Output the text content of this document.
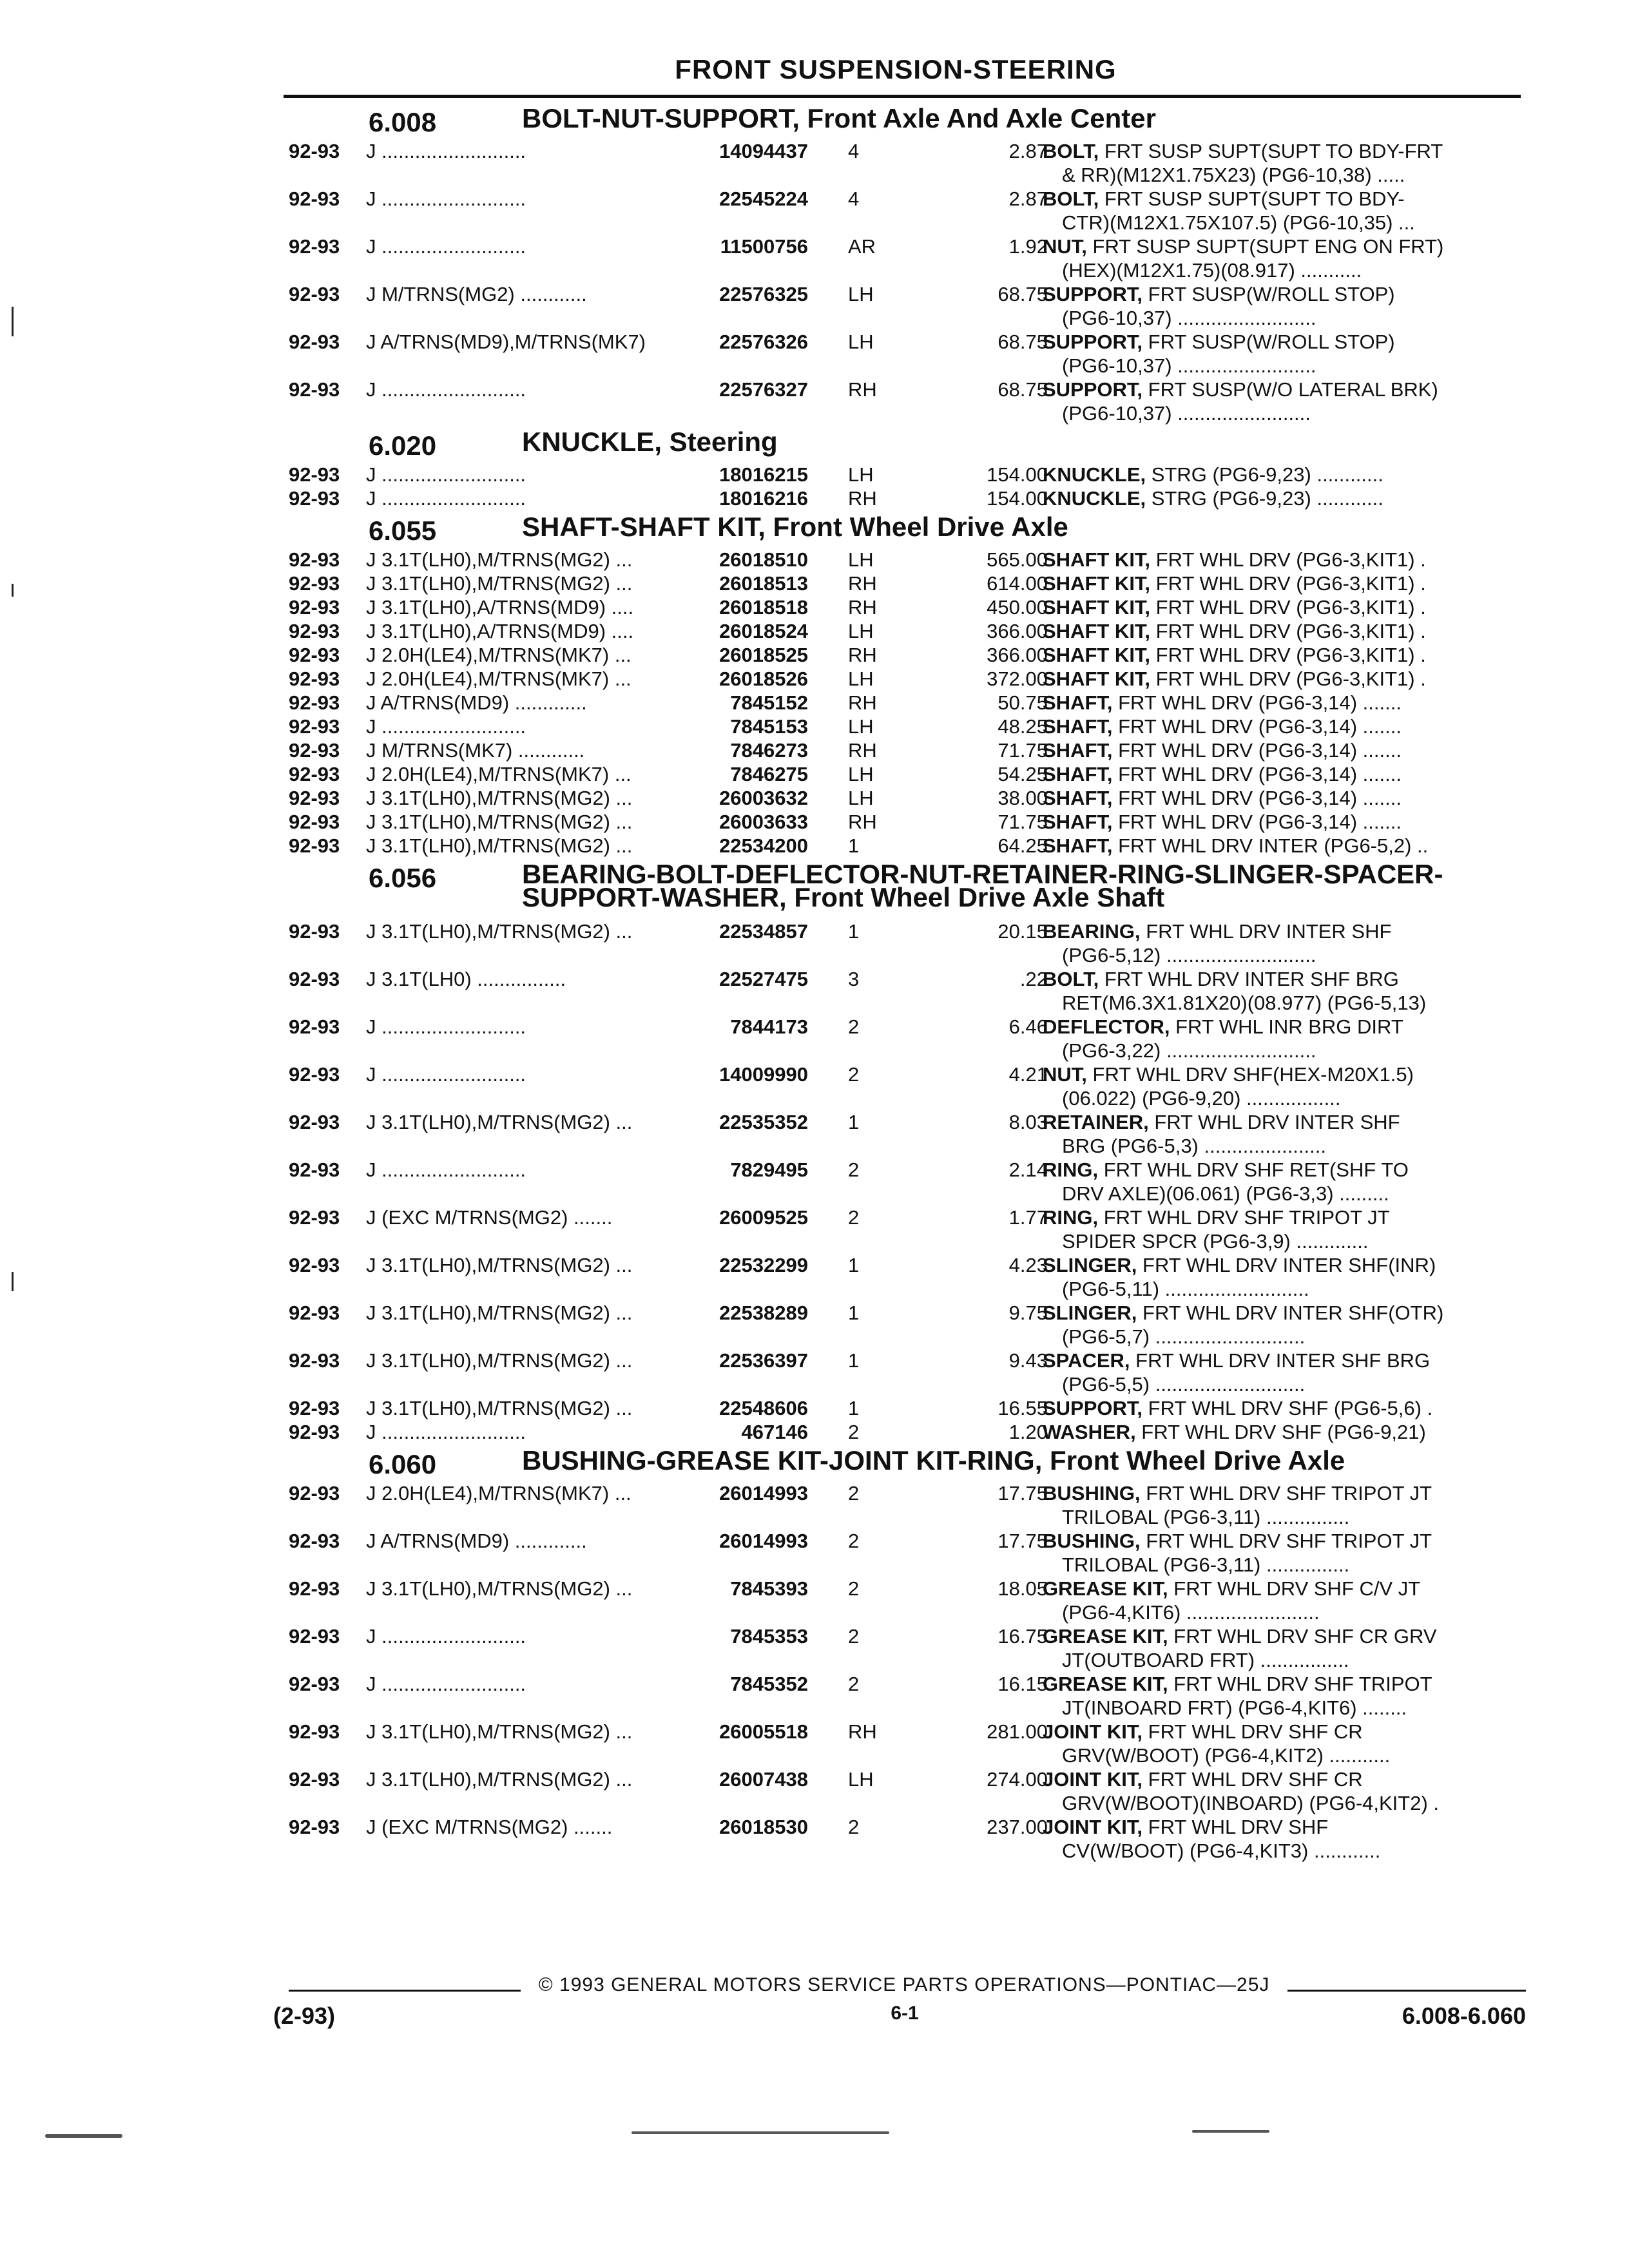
FRONT SUSPENSION-STEERING
6.008	BOLT-NUT-SUPPORT, Front Axle And Axle Center
92-93 J ..........................	14094437 4	2.87
BOLT, FRT SUSP SUPT(SUPT TO BDY-FRT
& RR)(M12X1.75X23) (PG6-10,38) .....
92-93 J ..........................	22545224 4	2.87
BOLT, FRT SUSP SUPT(SUPT TO BDY-
CTR)(M12X1.75X107.5) (PG6-10,35) ...
92-93 J ..........................	11500756 AR	1.92
NUT, FRT SUSP SUPT(SUPT ENG ON FRT)
(HEX)(M12X1.75)(08.917) ...........
92-93 J M/TRNS(MG2) ............	22576325 LH	68.75
SUPPORT, FRT SUSP(W/ROLL STOP)
(PG6-10,37) .........................
92-93 J A/TRNS(MD9),M/TRNS(MK7)	22576326 LH	68.75
SUPPORT, FRT SUSP(W/ROLL STOP)
(PG6-10,37) .........................
92-93 J ..........................	22576327 RH	68.75
SUPPORT, FRT SUSP(W/O LATERAL BRK)
(PG6-10,37) ........................
6.020	KNUCKLE, Steering
92-93 J ..........................	18016215 LH	154.00
KNUCKLE, STRG (PG6-9,23) ............
92-93 J ..........................	18016216 RH	154.00
KNUCKLE, STRG (PG6-9,23) ............
6.055	SHAFT-SHAFT KIT, Front Wheel Drive Axle
92-93 J 3.1T(LH0),M/TRNS(MG2) ...	26018510 LH	565.00
SHAFT KIT, FRT WHL DRV (PG6-3,KIT1) .
92-93 J 3.1T(LH0),M/TRNS(MG2) ...	26018513 RH	614.00
SHAFT KIT, FRT WHL DRV (PG6-3,KIT1) .
92-93 J 3.1T(LH0),A/TRNS(MD9) ....	26018518 RH	450.00
SHAFT KIT, FRT WHL DRV (PG6-3,KIT1) .
92-93 J 3.1T(LH0),A/TRNS(MD9) ....	26018524 LH	366.00
SHAFT KIT, FRT WHL DRV (PG6-3,KIT1) .
92-93 J 2.0H(LE4),M/TRNS(MK7) ...	26018525 RH	366.00
SHAFT KIT, FRT WHL DRV (PG6-3,KIT1) .
92-93 J 2.0H(LE4),M/TRNS(MK7) ...	26018526 LH	372.00
SHAFT KIT, FRT WHL DRV (PG6-3,KIT1) .
92-93 J A/TRNS(MD9) .............	7845152 RH	50.75
SHAFT, FRT WHL DRV (PG6-3,14) .......
92-93 J ..........................	7845153 LH	48.25
SHAFT, FRT WHL DRV (PG6-3,14) .......
92-93 J M/TRNS(MK7) ............	7846273 RH	71.75
SHAFT, FRT WHL DRV (PG6-3,14) .......
92-93 J 2.0H(LE4),M/TRNS(MK7) ...	7846275 LH	54.25
SHAFT, FRT WHL DRV (PG6-3,14) .......
92-93 J 3.1T(LH0),M/TRNS(MG2) ...	26003632 LH	38.00
SHAFT, FRT WHL DRV (PG6-3,14) .......
92-93 J 3.1T(LH0),M/TRNS(MG2) ...	26003633 RH	71.75
SHAFT, FRT WHL DRV (PG6-3,14) .......
92-93 J 3.1T(LH0),M/TRNS(MG2) ...	22534200 1	64.25
SHAFT, FRT WHL DRV INTER (PG6-5,2) ..
6.056	BEARING-BOLT-DEFLECTOR-NUT-RETAINER-RING-SLINGER-SPACER-SUPPORT-WASHER, Front Wheel Drive Axle Shaft
92-93 J 3.1T(LH0),M/TRNS(MG2) ...	22534857 1	20.15
BEARING, FRT WHL DRV INTER SHF
(PG6-5,12) ...........................
92-93 J 3.1T(LH0) ................	22527475 3	.22
BOLT, FRT WHL DRV INTER SHF BRG
RET(M6.3X1.81X20)(08.977) (PG6-5,13)
92-93 J ..........................	7844173 2	6.46
DEFLECTOR, FRT WHL INR BRG DIRT
(PG6-3,22) ...........................
92-93 J ..........................	14009990 2	4.21
NUT, FRT WHL DRV SHF(HEX-M20X1.5)
(06.022) (PG6-9,20) .................
92-93 J 3.1T(LH0),M/TRNS(MG2) ...	22535352 1	8.03
RETAINER, FRT WHL DRV INTER SHF
BRG (PG6-5,3) ......................
92-93 J ..........................	7829495 2	2.14
RING, FRT WHL DRV SHF RET(SHF TO
DRV AXLE)(06.061) (PG6-3,3) .........
92-93 J (EXC M/TRNS(MG2) .......	26009525 2	1.77
RING, FRT WHL DRV SHF TRIPOT JT
SPIDER SPCR (PG6-3,9) .............
92-93 J 3.1T(LH0),M/TRNS(MG2) ...	22532299 1	4.23
SLINGER, FRT WHL DRV INTER SHF(INR)
(PG6-5,11) ..........................
92-93 J 3.1T(LH0),M/TRNS(MG2) ...	22538289 1	9.75
SLINGER, FRT WHL DRV INTER SHF(OTR)
(PG6-5,7) ...........................
92-93 J 3.1T(LH0),M/TRNS(MG2) ...	22536397 1	9.43
SPACER, FRT WHL DRV INTER SHF BRG
(PG6-5,5) ...........................
92-93 J 3.1T(LH0),M/TRNS(MG2) ...	22548606 1	16.55
SUPPORT, FRT WHL DRV SHF (PG6-5,6) .
92-93 J ..........................	467146 2	1.20
WASHER, FRT WHL DRV SHF (PG6-9,21)
6.060	BUSHING-GREASE KIT-JOINT KIT-RING, Front Wheel Drive Axle
92-93 J 2.0H(LE4),M/TRNS(MK7) ...	26014993 2	17.75
BUSHING, FRT WHL DRV SHF TRIPOT JT
TRILOBAL (PG6-3,11) ...............
92-93 J A/TRNS(MD9) .............	26014993 2	17.75
BUSHING, FRT WHL DRV SHF TRIPOT JT
TRILOBAL (PG6-3,11) ...............
92-93 J 3.1T(LH0),M/TRNS(MG2) ...	7845393 2	18.05
GREASE KIT, FRT WHL DRV SHF C/V JT
(PG6-4,KIT6) ........................
92-93 J ..........................	7845353 2	16.75
GREASE KIT, FRT WHL DRV SHF CR GRV
JT(OUTBOARD FRT) ................
92-93 J ..........................	7845352 2	16.15
GREASE KIT, FRT WHL DRV SHF TRIPOT
JT(INBOARD FRT) (PG6-4,KIT6) ........
92-93 J 3.1T(LH0),M/TRNS(MG2) ...	26005518 RH	281.00
JOINT KIT, FRT WHL DRV SHF CR
GRV(W/BOOT) (PG6-4,KIT2) ...........
92-93 J 3.1T(LH0),M/TRNS(MG2) ...	26007438 LH	274.00
JOINT KIT, FRT WHL DRV SHF CR
GRV(W/BOOT)(INBOARD) (PG6-4,KIT2) .
92-93 J (EXC M/TRNS(MG2) .......	26018530 2	237.00
JOINT KIT, FRT WHL DRV SHF
CV(W/BOOT) (PG6-4,KIT3) ............
© 1993 GENERAL MOTORS SERVICE PARTS OPERATIONS—PONTIAC—25J
(2-93)	6-1	6.008-6.060
